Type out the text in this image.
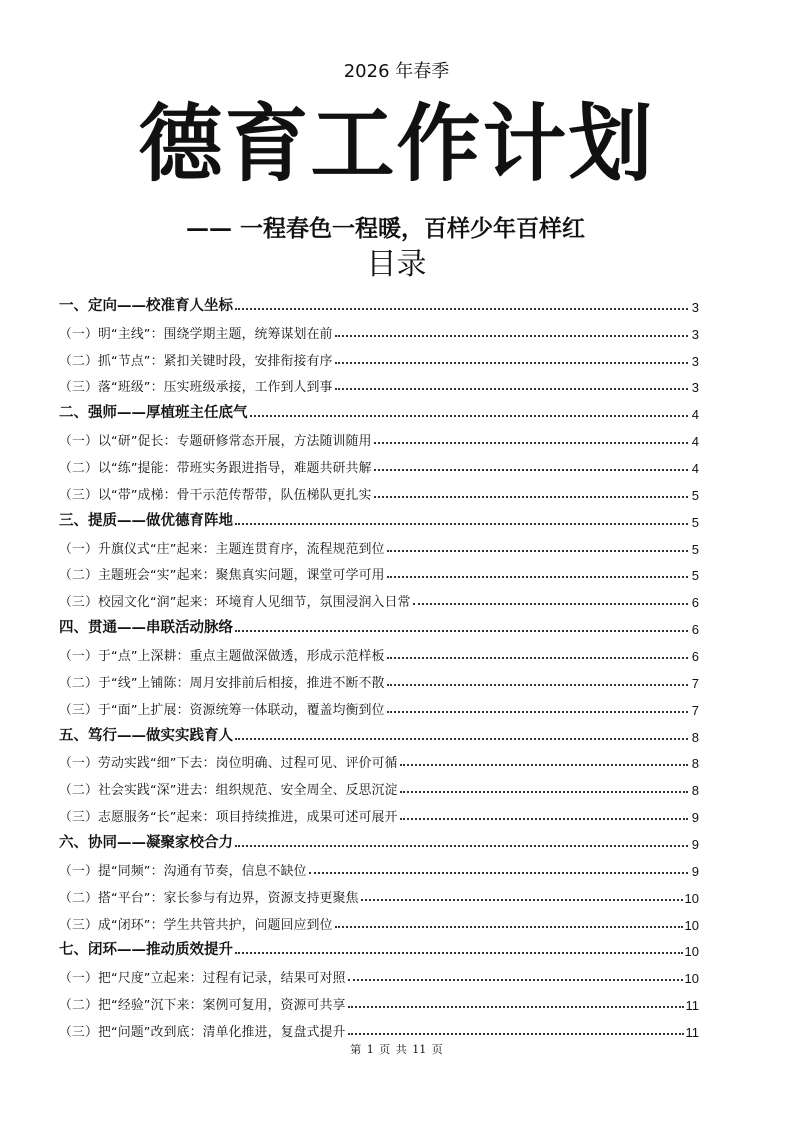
2026 年春季
德育工作计划
—— 一程春色一程暖，百样少年百样红
目录
一、定向——校准育人坐标	3
（一）明“主线”：围绕学期主题，统筹谋划在前	3
（二）抓“节点”：紧扣关键时段，安排衔接有序	3
（三）落“班级”：压实班级承接，工作到人到事	3
二、强师——厚植班主任底气	4
（一）以“研”促长：专题研修常态开展，方法随训随用	4
（二）以“练”提能：带班实务跟进指导，难题共研共解	4
（三）以“带”成梯：骨干示范传帮带，队伍梯队更扎实	5
三、提质——做优德育阵地	5
（一）升旗仪式“庄”起来：主题连贯育序，流程规范到位	5
（二）主题班会“实”起来：聚焦真实问题，课堂可学可用	5
（三）校园文化“润”起来：环境育人见细节，氛围浸润入日常	6
四、贯通——串联活动脉络	6
（一）于“点”上深耕：重点主题做深做透，形成示范样板	6
（二）于“线”上铺陈：周月安排前后相接，推进不断不散	7
（三）于“面”上扩展：资源统筹一体联动，覆盖均衡到位	7
五、笃行——做实实践育人	8
（一）劳动实践“细”下去：岗位明确、过程可见、评价可循	8
（二）社会实践“深”进去：组织规范、安全周全、反思沉淀	8
（三）志愿服务“长”起来：项目持续推进，成果可述可展开	9
六、协同——凝聚家校合力	9
（一）提“同频”：沟通有节奏，信息不缺位	9
（二）搭“平台”：家长参与有边界，资源支持更聚焦	10
（三）成“闭环”：学生共管共护，问题回应到位	10
七、闭环——推动质效提升	10
（一）把“尺度”立起来：过程有记录，结果可对照	10
（二）把“经验”沉下来：案例可复用，资源可共享	11
（三）把“问题”改到底：清单化推进，复盘式提升	11
第 1 页 共 11 页
